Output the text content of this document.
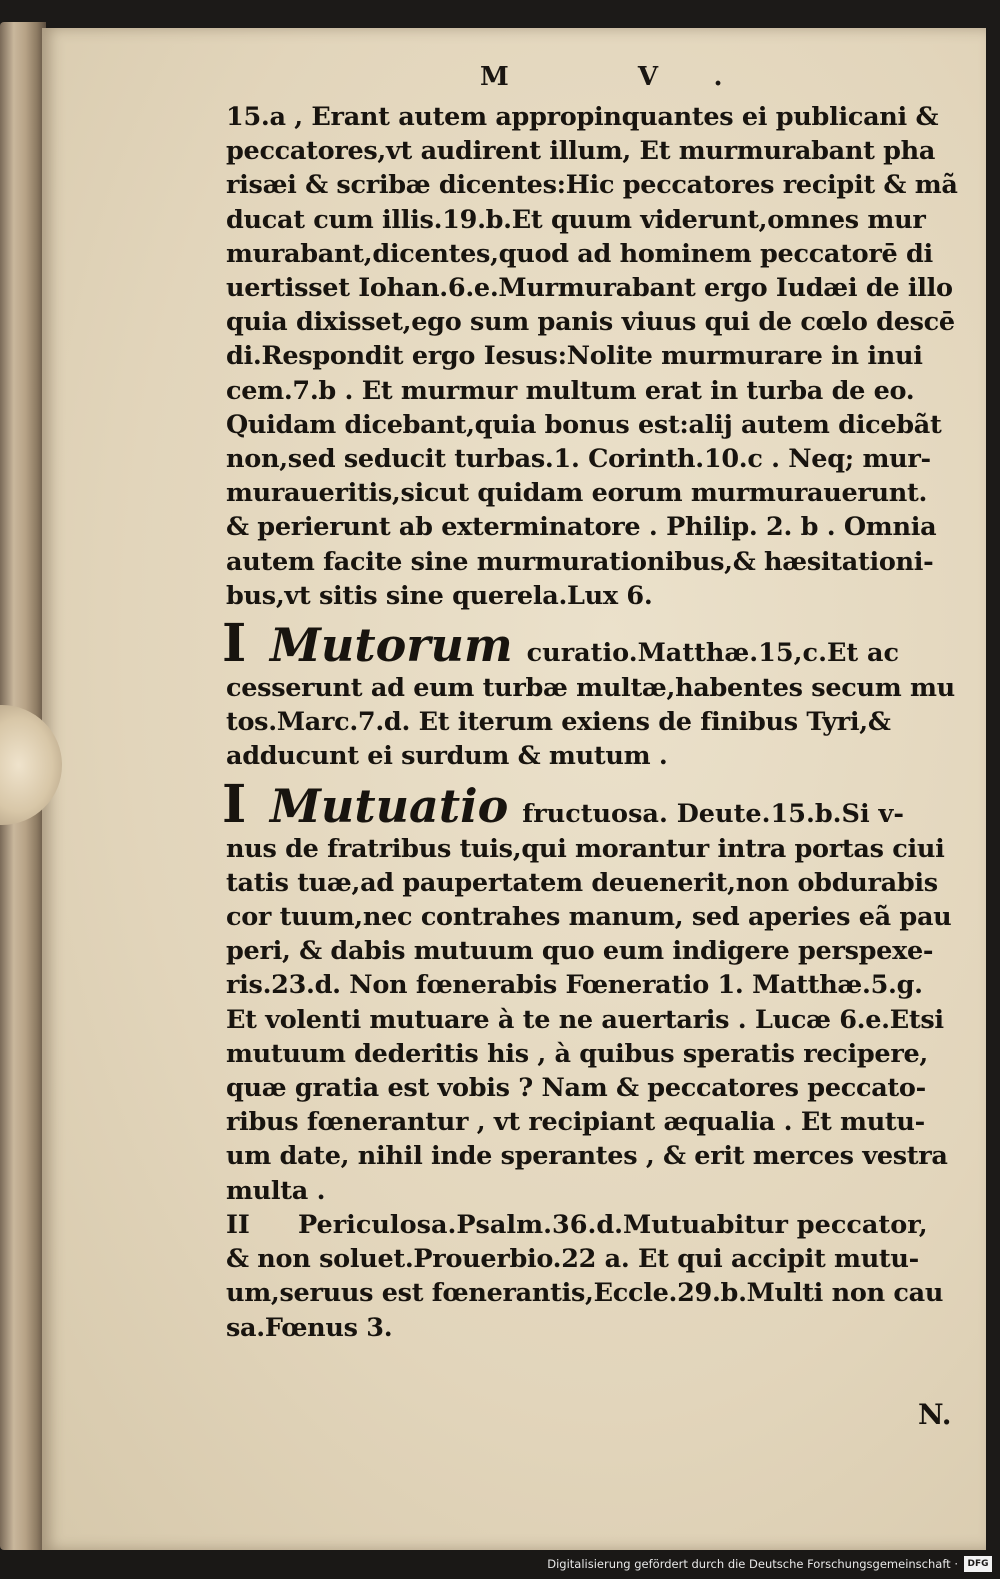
M V.
15.a , Erant autem appropinquantes ei publicani &
peccatores,vt audirent illum, Et murmurabant pha
risæi & scribæ dicentes:Hic peccatores recipit & mã
ducat cum illis.19.b.Et quum viderunt,omnes mur
murabant,dicentes,quod ad hominem peccatorē di
uertisset Iohan.6.e.Murmurabant ergo Iudæi de illo
quia dixisset,ego sum panis viuus qui de cœlo descē
di.Respondit ergo Iesus:Nolite murmurare in inui
cem.7.b . Et murmur multum erat in turba de eo.
Quidam dicebant,quia bonus est:alij autem dicebãt
non,sed seducit turbas.1. Corinth.10.c . Neq; mur-
muraueritis,sicut quidam eorum murmurauerunt.
& perierunt ab exterminatore . Philip. 2. b . Omnia
autem facite sine murmurationibus,& hæsitationi-
bus,vt sitis sine querela.Lux 6.
I Mutorum curatio.Matthæ.15,c.Et ac
cesserunt ad eum turbæ multæ,habentes secum mu
tos.Marc.7.d. Et iterum exiens de finibus Tyri,&
adducunt ei surdum & mutum .
I Mutuatio fructuosa. Deute.15.b.Si v-
nus de fratribus tuis,qui morantur intra portas ciui
tatis tuæ,ad paupertatem deuenerit,non obdurabis
cor tuum,nec contrahes manum, sed aperies eã pau
peri, & dabis mutuum quo eum indigere perspexe-
ris.23.d. Non fœnerabis Fœneratio 1. Matthæ.5.g.
Et volenti mutuare à te ne auertaris . Lucæ 6.e.Etsi
mutuum dederitis his , à quibus speratis recipere,
quæ gratia est vobis ? Nam & peccatores peccato-
ribus fœnerantur , vt recipiant æqualia . Et mutu-
um date, nihil inde sperantes , & erit merces vestra
multa .
II	Periculosa.Psalm.36.d.Mutuabitur peccator,
& non soluet.Prouerbio.22 a. Et qui accipit mutu-
um,seruus est fœnerantis,Eccle.29.b.Multi non cau
sa.Fœnus 3.
N.
Digitalisierung gefördert durch die Deutsche Forschungsgemeinschaft ·	DFG
